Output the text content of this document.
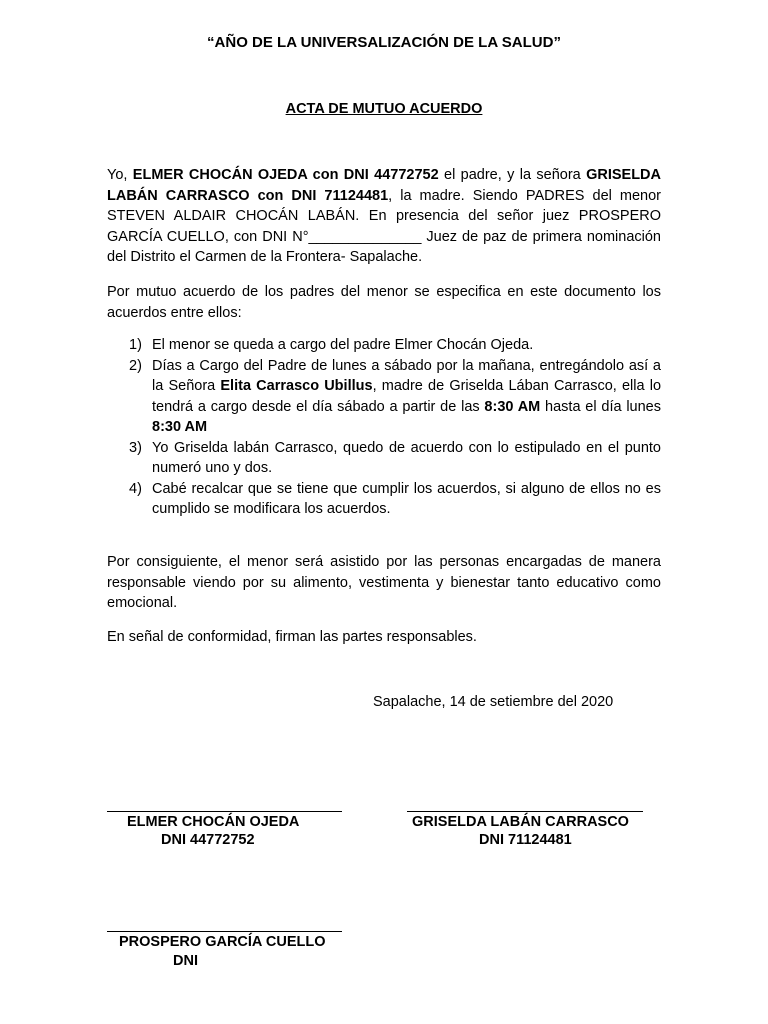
“AÑO DE LA UNIVERSALIZACIÓN DE LA SALUD”
ACTA DE MUTUO ACUERDO
Yo, ELMER CHOCÁN OJEDA con DNI 44772752 el padre, y la señora GRISELDA LABÁN CARRASCO con DNI 71124481, la madre. Siendo PADRES del menor STEVEN ALDAIR CHOCÁN LABÁN. En presencia del señor juez PROSPERO GARCÍA CUELLO, con DNI N°______________ Juez de paz de primera nominación del Distrito el Carmen de la Frontera- Sapalache.
Por mutuo acuerdo de los padres del menor se especifica en este documento los acuerdos entre ellos:
1) El menor se queda a cargo del padre Elmer Chocán Ojeda.
2) Días a Cargo del Padre de lunes a sábado por la mañana, entregándolo así a la Señora Elita Carrasco Ubillus, madre de Griselda Lában Carrasco, ella lo tendrá a cargo desde el día sábado a partir de las 8:30 AM hasta el día lunes 8:30 AM
3) Yo Griselda labán Carrasco, quedo de acuerdo con lo estipulado en el punto numeró uno y dos.
4) Cabé recalcar que se tiene que cumplir los acuerdos, si alguno de ellos no es cumplido se modificara los acuerdos.
Por consiguiente, el menor será asistido por las personas encargadas de manera responsable viendo por su alimento, vestimenta y bienestar tanto educativo como emocional.
En señal de conformidad, firman las partes responsables.
Sapalache, 14 de setiembre del 2020
ELMER CHOCÁN OJEDA
DNI 44772752
GRISELDA LABÁN CARRASCO
DNI 71124481
PROSPERO GARCÍA CUELLO
DNI
